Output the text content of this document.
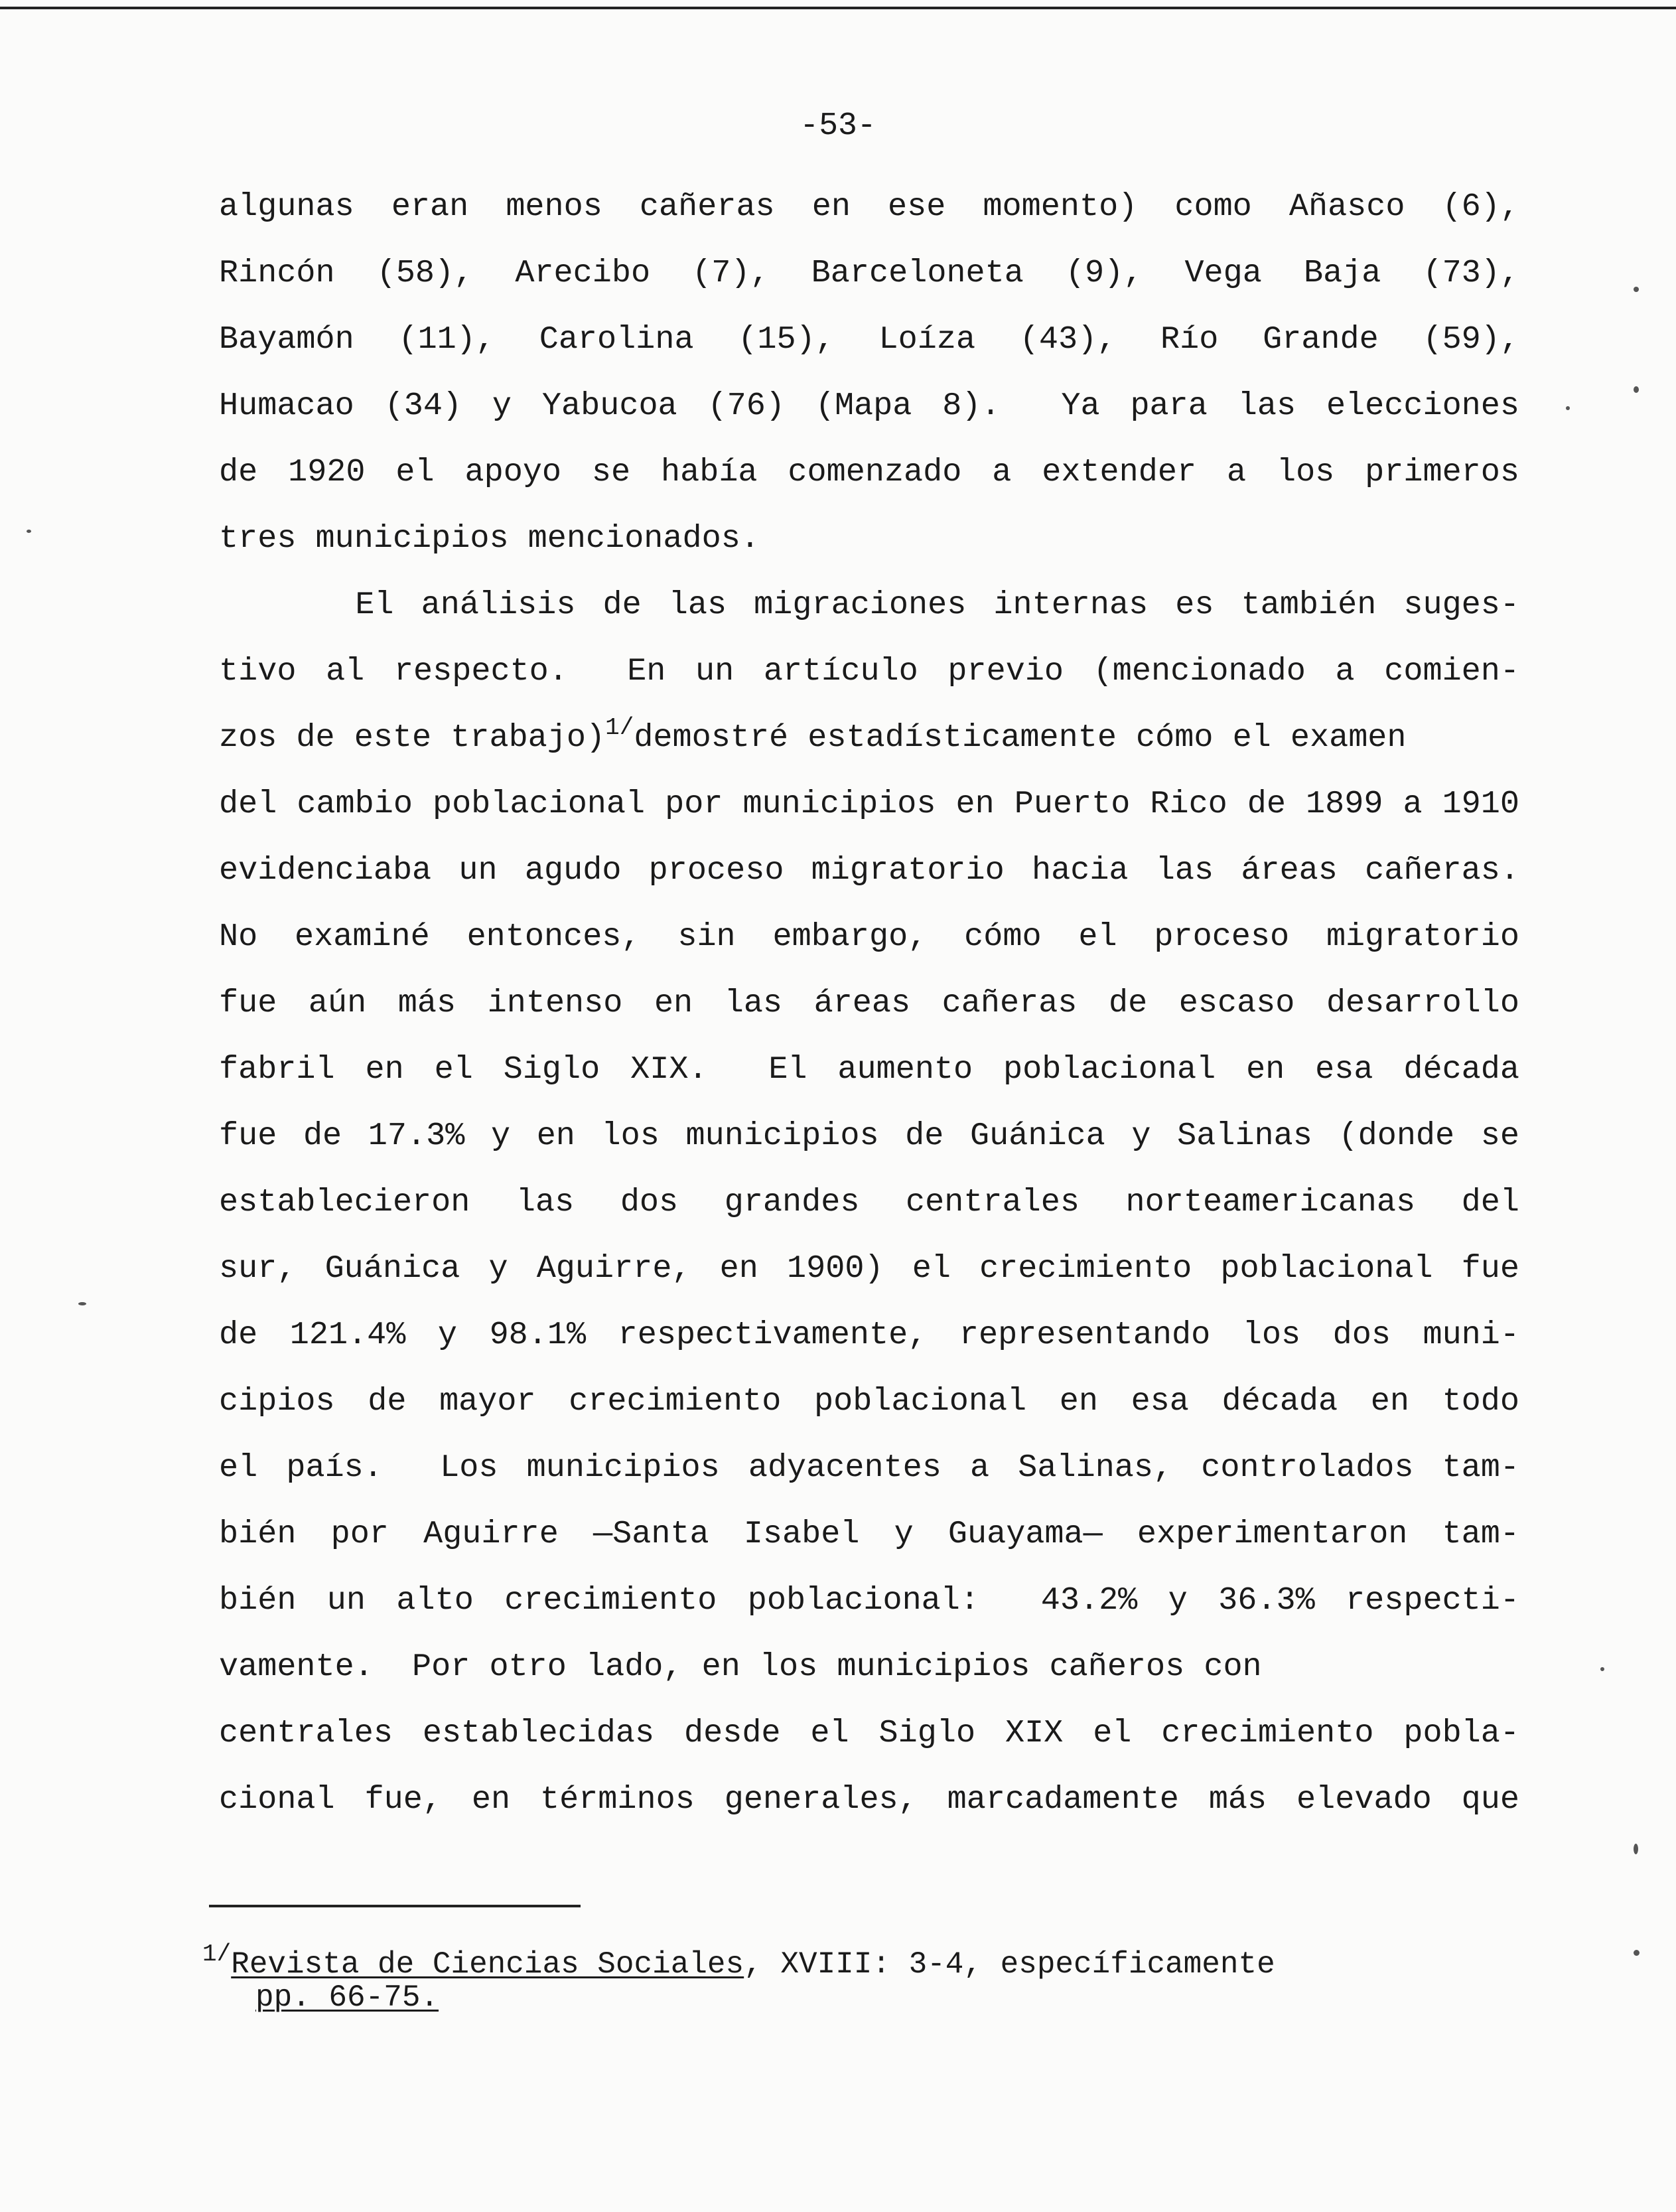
-53-
algunas eran menos cañeras en ese momento) como Añasco (6),
Rincón (58), Arecibo (7), Barceloneta (9), Vega Baja (73),
Bayamón (11), Carolina (15), Loíza (43), Río Grande (59),
Humacao (34) y Yabucoa (76) (Mapa 8).  Ya para las elecciones
de 1920 el apoyo se había comenzado a extender a los primeros
tres municipios mencionados.
El análisis de las migraciones internas es también suges-
tivo al respecto.  En un artículo previo (mencionado a comien-
zos de este trabajo)$^{1/}$demostré estadísticamente cómo el examen
del cambio poblacional por municipios en Puerto Rico de 1899 a 1910
evidenciaba un agudo proceso migratorio hacia las áreas cañeras.
No examiné entonces, sin embargo, cómo el proceso migratorio
fue aún más intenso en las áreas cañeras de escaso desarrollo
fabril en el Siglo XIX.  El aumento poblacional en esa década
fue de 17.3% y en los municipios de Guánica y Salinas (donde se
establecieron las dos grandes centrales norteamericanas del
sur, Guánica y Aguirre, en 1900) el crecimiento poblacional fue
de 121.4% y 98.1% respectivamente, representando los dos muni-
cipios de mayor crecimiento poblacional en esa década en todo
el país.  Los municipios adyacentes a Salinas, controlados tam-
bién por Aguirre —Santa Isabel y Guayama— experimentaron tam-
bién un alto crecimiento poblacional:  43.2% y 36.3% respecti-
vamente.  Por otro lado, en los municipios cañeros con
centrales establecidas desde el Siglo XIX el crecimiento pobla-
cional fue, en términos generales, marcadamente más elevado que
$^{1/}$Revista de Ciencias Sociales, XVIII: 3-4, específicamente
pp. 66-75.
